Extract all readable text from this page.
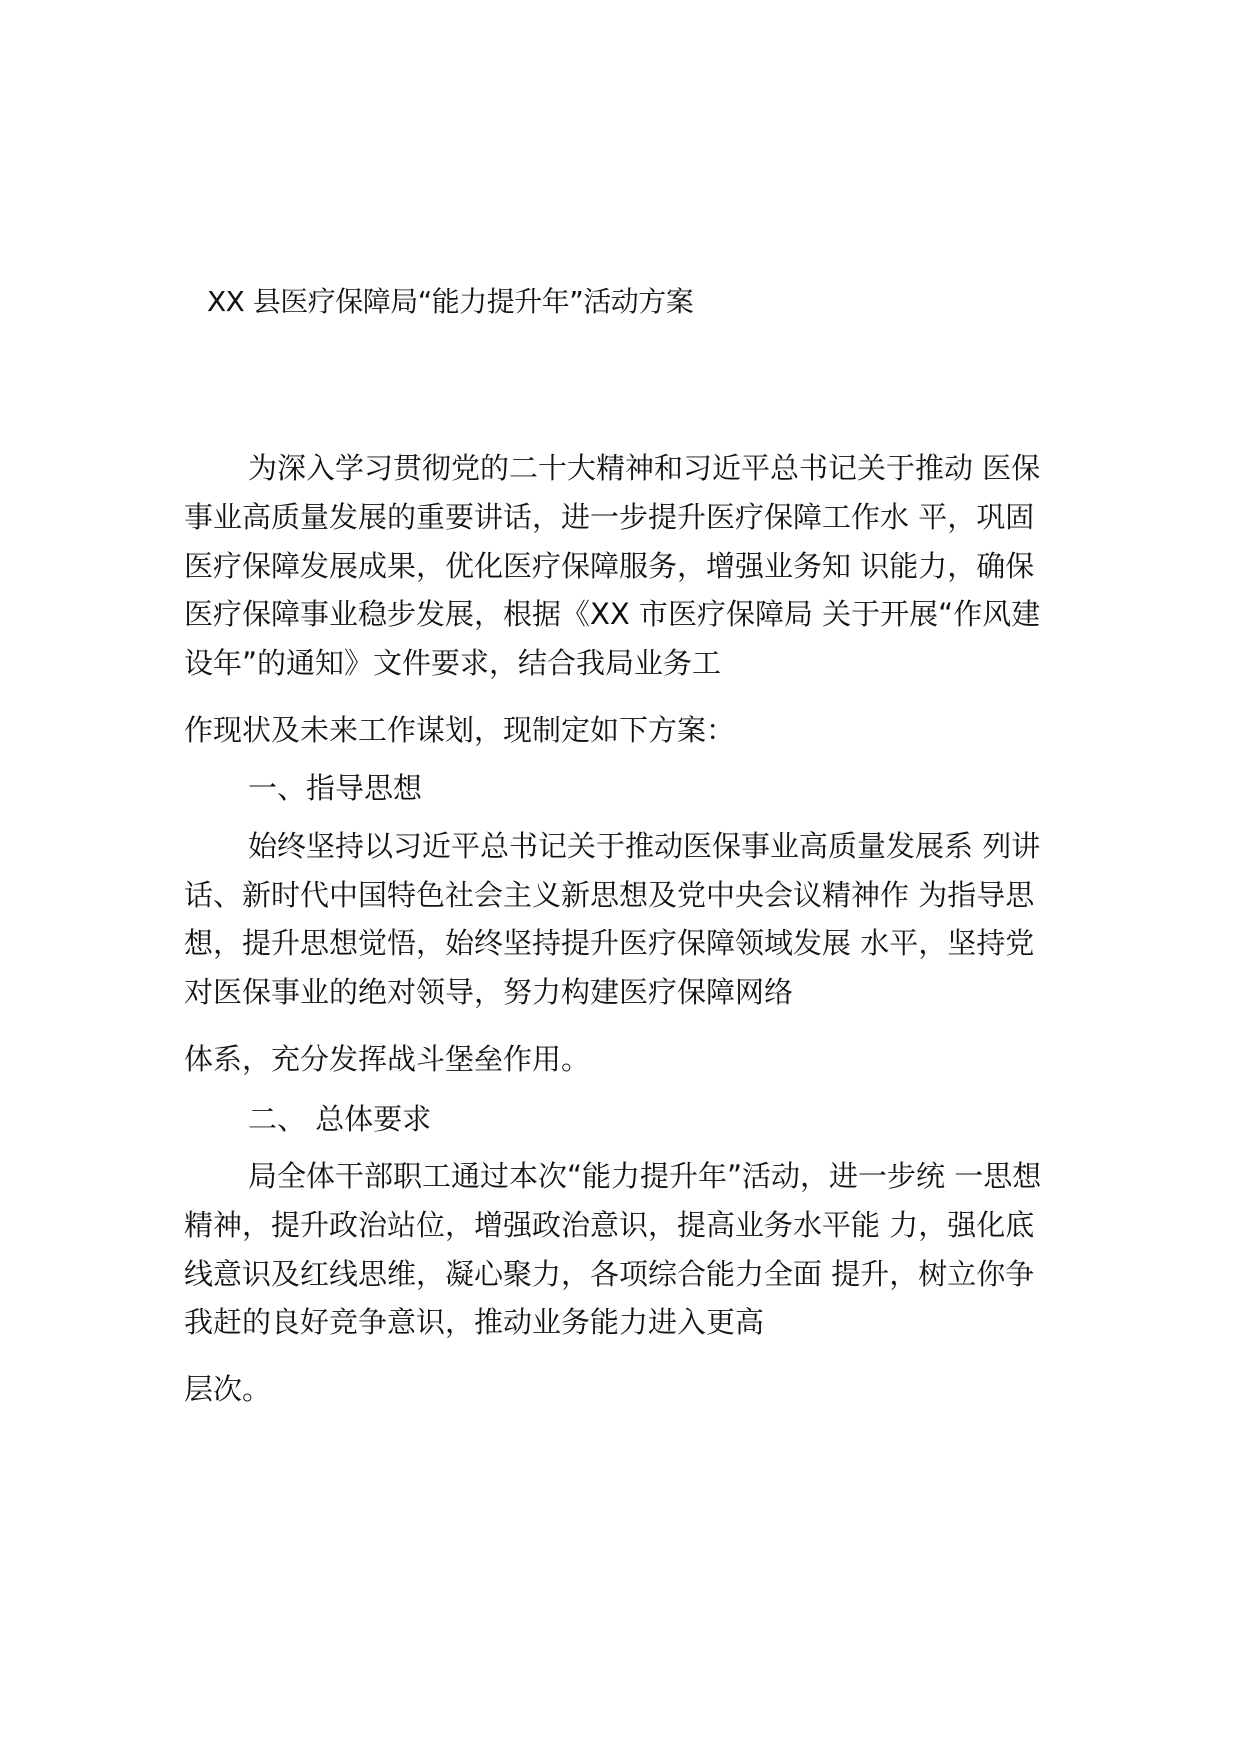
XX 县医疗保障局“能力提升年”活动方案

为深入学习贯彻党的二十大精神和习近平总书记关于推动 医保

事业高质量发展的重要讲话，进一步提升医疗保障工作水 平，巩固

医疗保障发展成果，优化医疗保障服务，增强业务知 识能力，确保

医疗保障事业稳步发展，根据《XX 市医疗保障局 关于开展“作风建

设年”的通知》文件要求，结合我局业务工

作现状及未来工作谋划，现制定如下方案：

一、指导思想

始终坚持以习近平总书记关于推动医保事业高质量发展系 列讲

话、新时代中国特色社会主义新思想及党中央会议精神作 为指导思

想，提升思想觉悟，始终坚持提升医疗保障领域发展 水平，坚持党

对医保事业的绝对领导，努力构建医疗保障网络

体系，充分发挥战斗堡垒作用。

二、 总体要求

局全体干部职工通过本次“能力提升年”活动，进一步统 一思想

精神，提升政治站位，增强政治意识，提高业务水平能 力，强化底

线意识及红线思维，凝心聚力，各项综合能力全面 提升，树立你争

我赶的良好竞争意识，推动业务能力进入更高

层次。
